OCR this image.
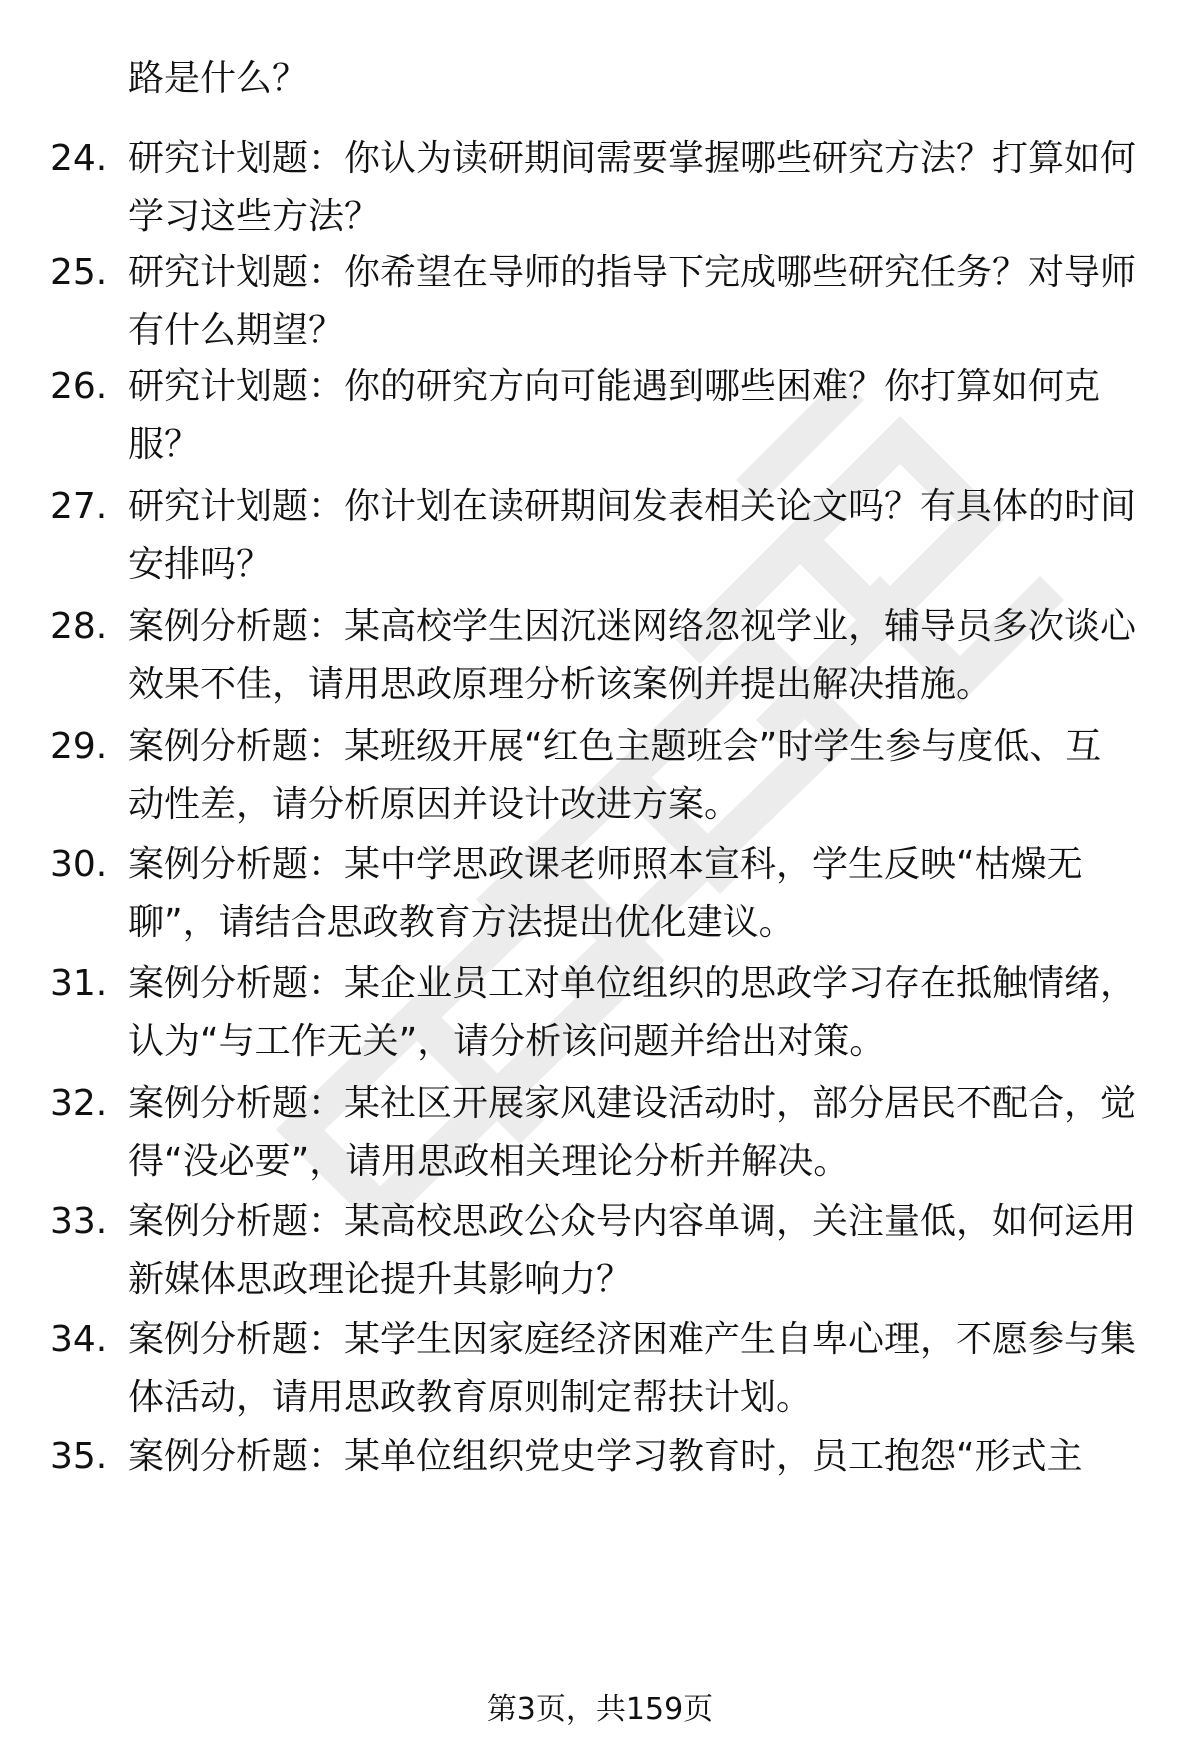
路是什么？
24. 研究计划题：你认为读研期间需要掌握哪些研究方法？打算如何
学习这些方法？
25. 研究计划题：你希望在导师的指导下完成哪些研究任务？对导师
有什么期望？
26. 研究计划题：你的研究方向可能遇到哪些困难？你打算如何克
服？
27. 研究计划题：你计划在读研期间发表相关论文吗？有具体的时间
安排吗？
28. 案例分析题：某高校学生因沉迷网络忽视学业，辅导员多次谈心
效果不佳，请用思政原理分析该案例并提出解决措施。
29. 案例分析题：某班级开展“红色主题班会”时学生参与度低、互
动性差，请分析原因并设计改进方案。
30. 案例分析题：某中学思政课老师照本宣科，学生反映“枯燥无
聊”，请结合思政教育方法提出优化建议。
31. 案例分析题：某企业员工对单位组织的思政学习存在抵触情绪，
认为“与工作无关”，请分析该问题并给出对策。
32. 案例分析题：某社区开展家风建设活动时，部分居民不配合，觉
得“没必要”，请用思政相关理论分析并解决。
33. 案例分析题：某高校思政公众号内容单调，关注量低，如何运用
新媒体思政理论提升其影响力？
34. 案例分析题：某学生因家庭经济困难产生自卑心理，不愿参与集
体活动，请用思政教育原则制定帮扶计划。
35. 案例分析题：某单位组织党史学习教育时，员工抱怨“形式主
第3页，共159页
